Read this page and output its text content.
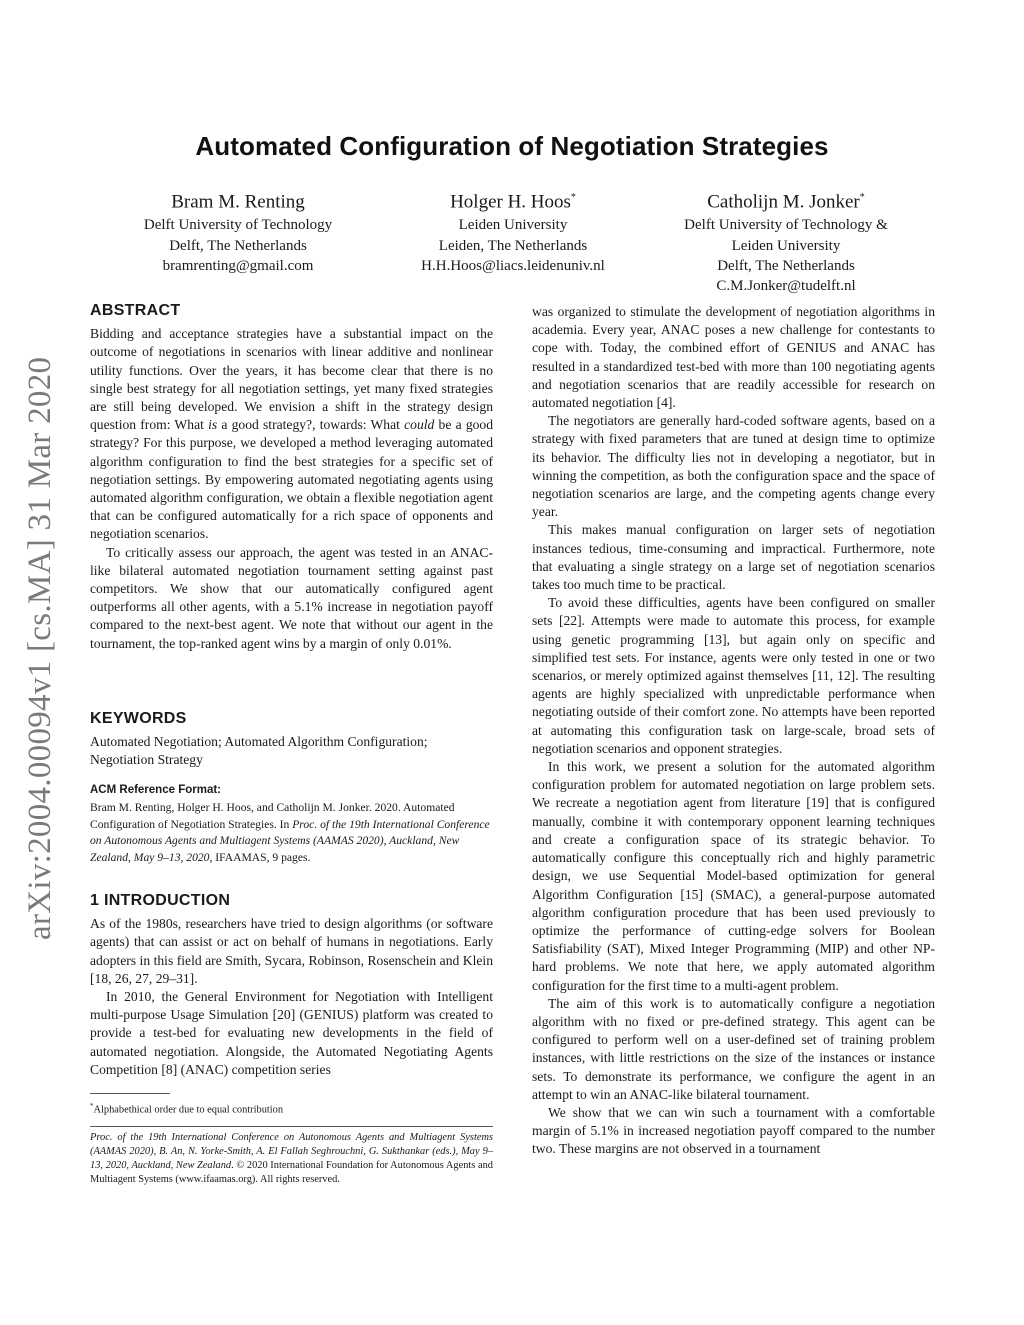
arXiv:2004.00094v1 [cs.MA] 31 Mar 2020
Automated Configuration of Negotiation Strategies
Bram M. Renting
Delft University of Technology
Delft, The Netherlands
bramrenting@gmail.com
Holger H. Hoos*
Leiden University
Leiden, The Netherlands
H.H.Hoos@liacs.leidenuniv.nl
Catholijn M. Jonker*
Delft University of Technology &
Leiden University
Delft, The Netherlands
C.M.Jonker@tudelft.nl
ABSTRACT

Bidding and acceptance strategies have a substantial impact on the outcome of negotiations in scenarios with linear additive and nonlinear utility functions. Over the years, it has become clear that there is no single best strategy for all negotiation settings, yet many fixed strategies are still being developed. We envision a shift in the strategy design question from: What is a good strategy?, towards: What could be a good strategy? For this purpose, we developed a method leveraging automated algorithm configuration to find the best strategies for a specific set of negotiation settings. By empowering automated negotiating agents using automated algorithm configuration, we obtain a flexible negotiation agent that can be configured automatically for a rich space of opponents and negotiation scenarios.

To critically assess our approach, the agent was tested in an ANAC-like bilateral automated negotiation tournament setting against past competitors. We show that our automatically configured agent outperforms all other agents, with a 5.1% increase in negotiation payoff compared to the next-best agent. We note that without our agent in the tournament, the top-ranked agent wins by a margin of only 0.01%.

KEYWORDS

Automated Negotiation; Automated Algorithm Configuration; Negotiation Strategy

ACM Reference Format:

Bram M. Renting, Holger H. Hoos, and Catholijn M. Jonker. 2020. Automated Configuration of Negotiation Strategies. In Proc. of the 19th International Conference on Autonomous Agents and Multiagent Systems (AAMAS 2020), Auckland, New Zealand, May 9–13, 2020, IFAAMAS, 9 pages.

1 INTRODUCTION

As of the 1980s, researchers have tried to design algorithms (or software agents) that can assist or act on behalf of humans in negotiations. Early adopters in this field are Smith, Sycara, Robinson, Rosenschein and Klein [18, 26, 27, 29–31].

In 2010, the General Environment for Negotiation with Intelligent multi-purpose Usage Simulation [20] (GENIUS) platform was created to provide a test-bed for evaluating new developments in the field of automated negotiation. Alongside, the Automated Negotiating Agents Competition [8] (ANAC) competition series

*Alphabethical order due to equal contribution
Proc. of the 19th International Conference on Autonomous Agents and Multiagent Systems (AAMAS 2020), B. An, N. Yorke-Smith, A. El Fallah Seghrouchni, G. Sukthankar (eds.), May 9–13, 2020, Auckland, New Zealand. © 2020 International Foundation for Autonomous Agents and Multiagent Systems (www.ifaamas.org). All rights reserved.

was organized to stimulate the development of negotiation algorithms in academia. Every year, ANAC poses a new challenge for contestants to cope with. Today, the combined effort of GENIUS and ANAC has resulted in a standardized test-bed with more than 100 negotiating agents and negotiation scenarios that are readily accessible for research on automated negotiation [4].

The negotiators are generally hard-coded software agents, based on a strategy with fixed parameters that are tuned at design time to optimize its behavior. The difficulty lies not in developing a negotiator, but in winning the competition, as both the configuration space and the space of negotiation scenarios are large, and the competing agents change every year.

This makes manual configuration on larger sets of negotiation instances tedious, time-consuming and impractical. Furthermore, note that evaluating a single strategy on a large set of negotiation scenarios takes too much time to be practical.

To avoid these difficulties, agents have been configured on smaller sets [22]. Attempts were made to automate this process, for example using genetic programming [13], but again only on specific and simplified test sets. For instance, agents were only tested in one or two scenarios, or merely optimized against themselves [11, 12]. The resulting agents are highly specialized with unpredictable performance when negotiating outside of their comfort zone. No attempts have been reported at automating this configuration task on large-scale, broad sets of negotiation scenarios and opponent strategies.

In this work, we present a solution for the automated algorithm configuration problem for automated negotiation on large problem sets. We recreate a negotiation agent from literature [19] that is configured manually, combine it with contemporary opponent learning techniques and create a configuration space of its strategic behavior. To automatically configure this conceptually rich and highly parametric design, we use Sequential Model-based optimization for general Algorithm Configuration [15] (SMAC), a general-purpose automated algorithm configuration procedure that has been used previously to optimize the performance of cutting-edge solvers for Boolean Satisfiability (SAT), Mixed Integer Programming (MIP) and other NP-hard problems. We note that here, we apply automated algorithm configuration for the first time to a multi-agent problem.

The aim of this work is to automatically configure a negotiation algorithm with no fixed or pre-defined strategy. This agent can be configured to perform well on a user-defined set of training problem instances, with little restrictions on the size of the instances or instance sets. To demonstrate its performance, we configure the agent in an attempt to win an ANAC-like bilateral tournament.

We show that we can win such a tournament with a comfortable margin of 5.1% in increased negotiation payoff compared to the number two. These margins are not observed in a tournament
